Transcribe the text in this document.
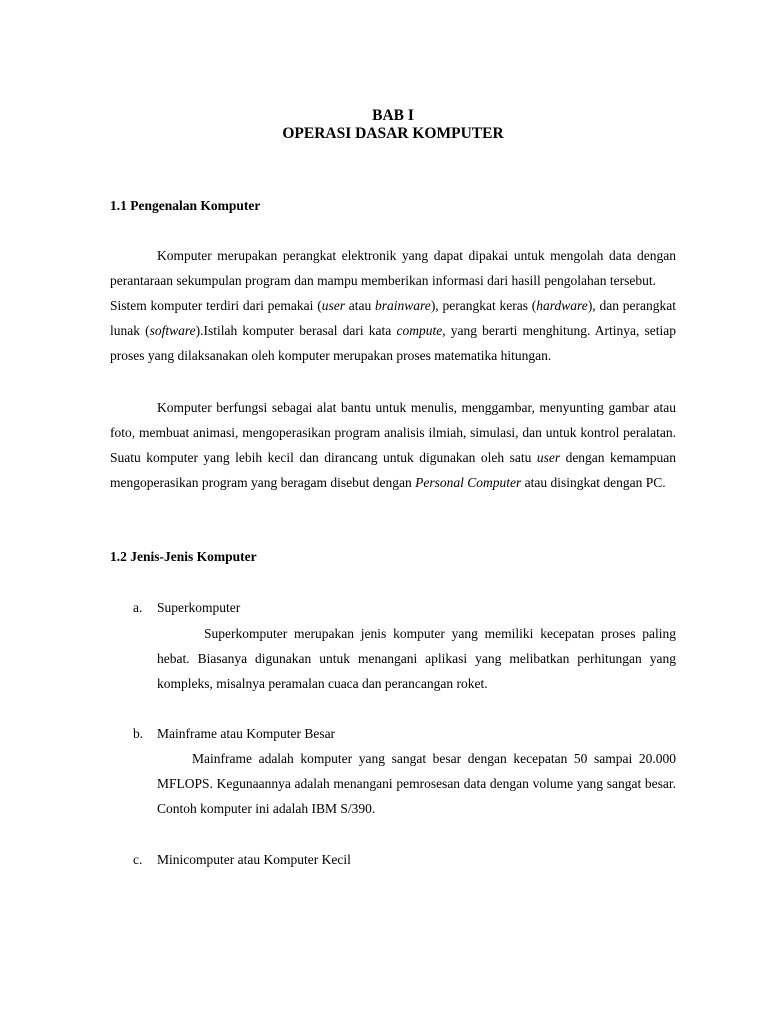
BAB I
OPERASI DASAR KOMPUTER
1.1 Pengenalan Komputer

Komputer merupakan perangkat elektronik yang dapat dipakai untuk mengolah data dengan perantaraan sekumpulan program dan mampu memberikan informasi dari hasill pengolahan tersebut.Sistem komputer terdiri dari pemakai (user atau brainware), perangkat keras (hardware), dan perangkat lunak (software).Istilah komputer berasal dari kata compute, yang berarti menghitung. Artinya, setiap proses yang dilaksanakan oleh komputer merupakan proses matematika hitungan.

Komputer berfungsi sebagai alat bantu untuk menulis, menggambar, menyunting gambar atau foto, membuat animasi, mengoperasikan program analisis ilmiah, simulasi, dan untuk kontrol peralatan. Suatu komputer yang lebih kecil dan dirancang untuk digunakan oleh satu user dengan kemampuan mengoperasikan program yang beragam disebut dengan Personal Computer atau disingkat dengan PC.

1.2 Jenis-Jenis Komputer
a. Superkomputer

Superkomputer merupakan jenis komputer yang memiliki kecepatan proses paling hebat. Biasanya digunakan untuk menangani aplikasi yang melibatkan perhitungan yang kompleks, misalnya peramalan cuaca dan perancangan roket.

b. Mainframe atau Komputer Besar

Mainframe adalah komputer yang sangat besar dengan kecepatan 50 sampai 20.000 MFLOPS. Kegunaannya adalah menangani pemrosesan data dengan volume yang sangat besar. Contoh komputer ini adalah IBM S/390.

c. Minicomputer atau Komputer Kecil
